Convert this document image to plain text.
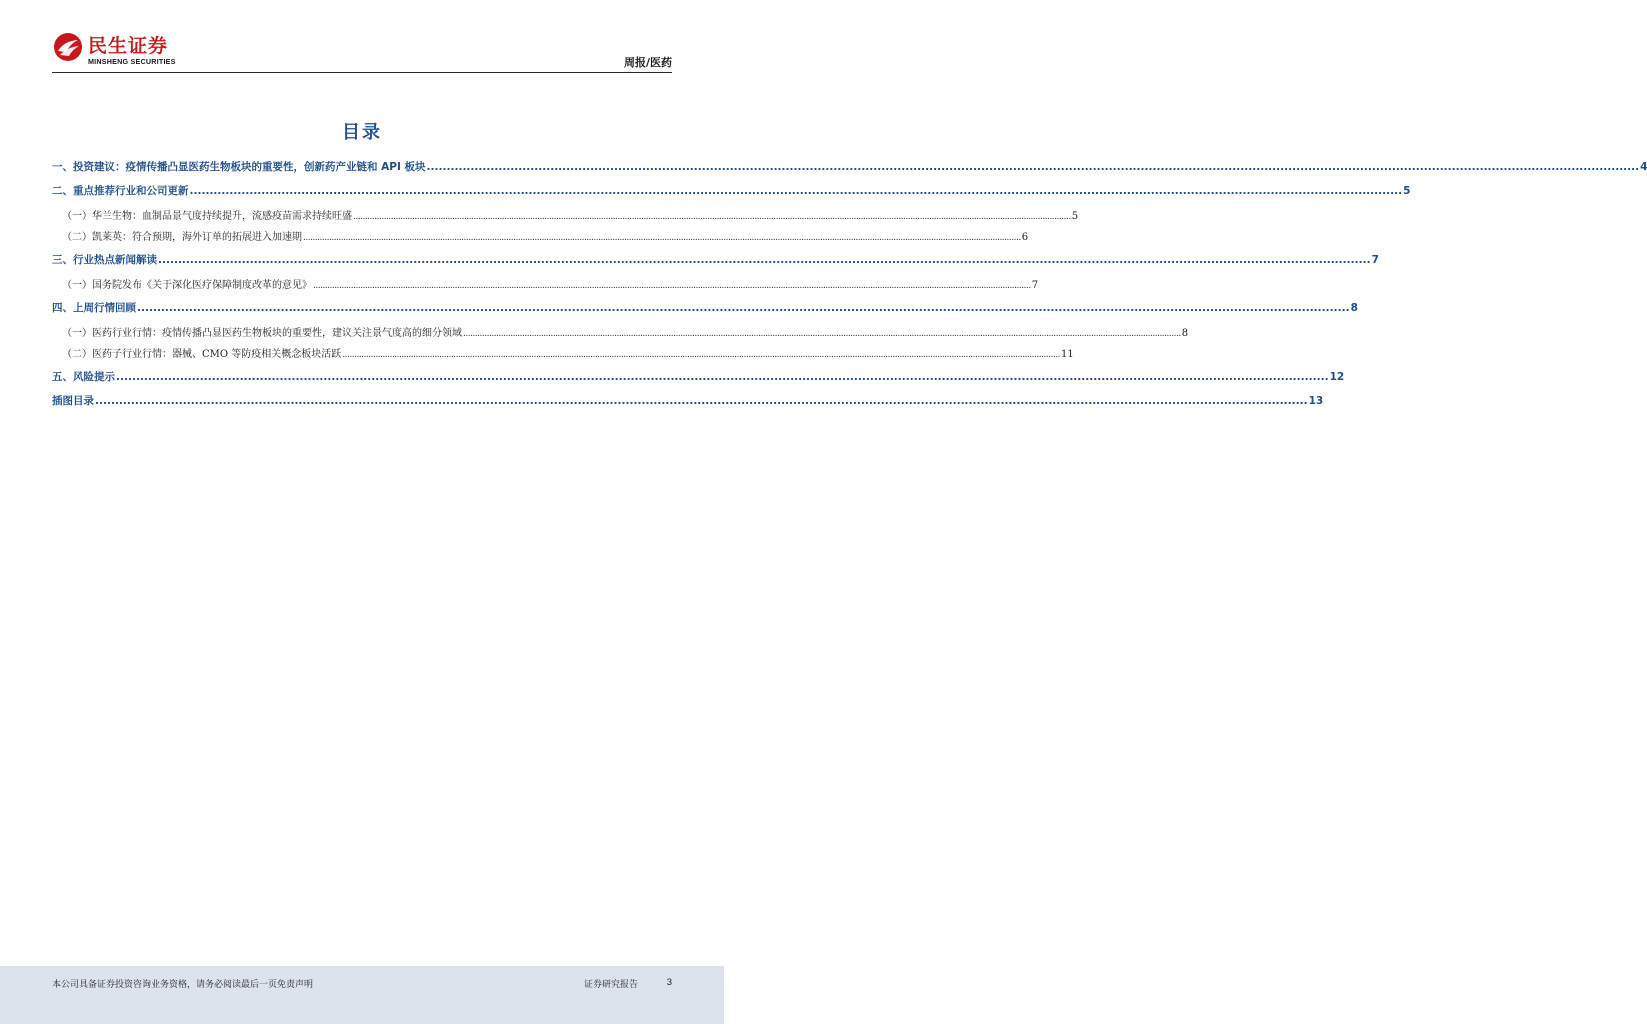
民生证券
MINSHENG SECURITIES	周报/医药
目录
一、投资建议：疫情传播凸显医药生物板块的重要性，创新药产业链和 API 板块 .....	4
二、重点推荐行业和公司更新 .....	5
（一）华兰生物：血制品景气度持续提升，流感疫苗需求持续旺盛 .....	5
（二）凯莱英：符合预期，海外订单的拓展进入加速期 .....	6
三、行业热点新闻解读 .....	7
（一）国务院发布《关于深化医疗保障制度改革的意见》 .....	7
四、上周行情回顾 .....	8
（一）医药行业行情：疫情传播凸显医药生物板块的重要性，建议关注景气度高的细分领域 .....	8
（二）医药子行业行情：器械、CMO 等防疫相关概念板块活跃 .....	11
五、风险提示 .....	12
插图目录 .....	13
本公司具备证券投资咨询业务资格，请务必阅读最后一页免责声明	证券研究报告	3
